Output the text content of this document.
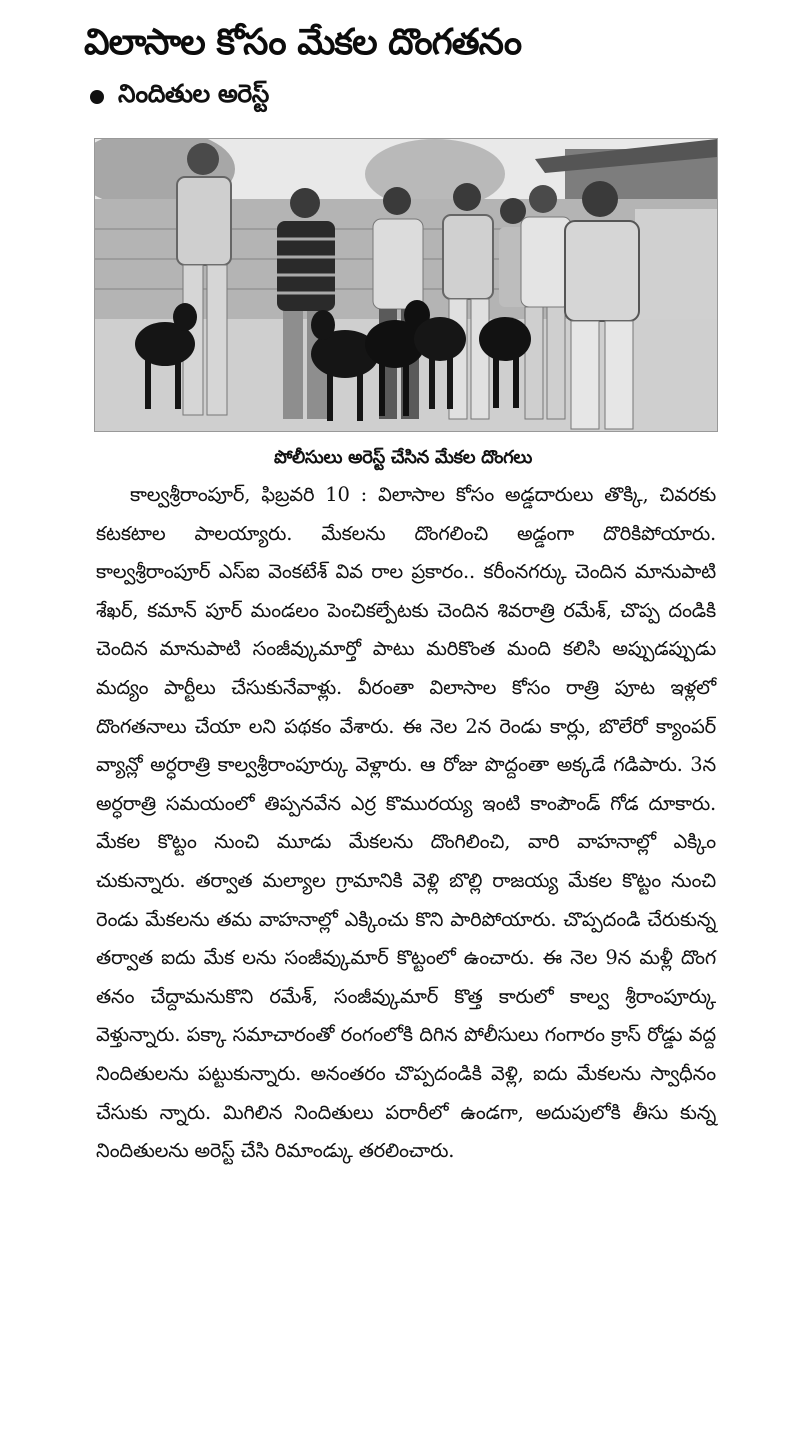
విలాసాల కోసం మేకల దొంగతనం
నిందితుల అరెస్ట్
పోలీసులు అరెస్ట్ చేసిన మేకల దొంగలు

కాల్వశ్రీరాంపూర్, ఫిబ్రవరి 10 : విలాసాల కోసం అడ్డదారులు తొక్కి, చివరకు కటకటాల పాలయ్యారు. మేకలను దొంగలించి అడ్డంగా దొరికిపోయారు. కాల్వశ్రీరాంపూర్ ఎస్ఐ వెంకటేశ్ వివ రాల ప్రకారం.. కరీంనగర్కు చెందిన మానుపాటి శేఖర్, కమాన్ పూర్ మండలం పెంచికల్పేటకు చెందిన శివరాత్రి రమేశ్, చొప్ప దండికి చెందిన మానుపాటి సంజీవ్కుమార్తో పాటు మరికొంత మంది కలిసి అప్పుడప్పుడు మద్యం పార్టీలు చేసుకునేవాళ్లు. వీరంతా విలాసాల కోసం రాత్రి పూట ఇళ్లలో దొంగతనాలు చేయా లని పథకం వేశారు. ఈ నెల 2న రెండు కార్లు, బొలేరో క్యాంపర్ వ్యాన్లో అర్ధరాత్రి కాల్వశ్రీరాంపూర్కు వెళ్లారు. ఆ రోజు పొద్దంతా అక్కడే గడిపారు. 3న అర్ధరాత్రి సమయంలో తిప్పనవేన ఎర్ర కొమురయ్య ఇంటి కాంపౌండ్ గోడ దూకారు. మేకల కొట్టం నుంచి మూడు మేకలను దొంగిలించి, వారి వాహనాల్లో ఎక్కిం చుకున్నారు. తర్వాత మల్యాల గ్రామానికి వెళ్లి బొల్లి రాజయ్య మేకల కొట్టం నుంచి రెండు మేకలను తమ వాహనాల్లో ఎక్కించు కొని పారిపోయారు. చొప్పదండి చేరుకున్న తర్వాత ఐదు మేక లను సంజీవ్కుమార్ కొట్టంలో ఉంచారు. ఈ నెల 9న మళ్లీ దొంగ తనం చేద్దామనుకొని రమేశ్, సంజీవ్కుమార్ కొత్త కారులో కాల్వ శ్రీరాంపూర్కు వెళ్తున్నారు. పక్కా సమాచారంతో రంగంలోకి దిగిన పోలీసులు గంగారం క్రాస్ రోడ్డు వద్ద నిందితులను పట్టుకున్నారు. అనంతరం చొప్పదండికి వెళ్లి, ఐదు మేకలను స్వాధీనం చేసుకు న్నారు. మిగిలిన నిందితులు పరారీలో ఉండగా, అదుపులోకి తీసు కున్న నిందితులను అరెస్ట్ చేసి రిమాండ్కు తరలించారు.
